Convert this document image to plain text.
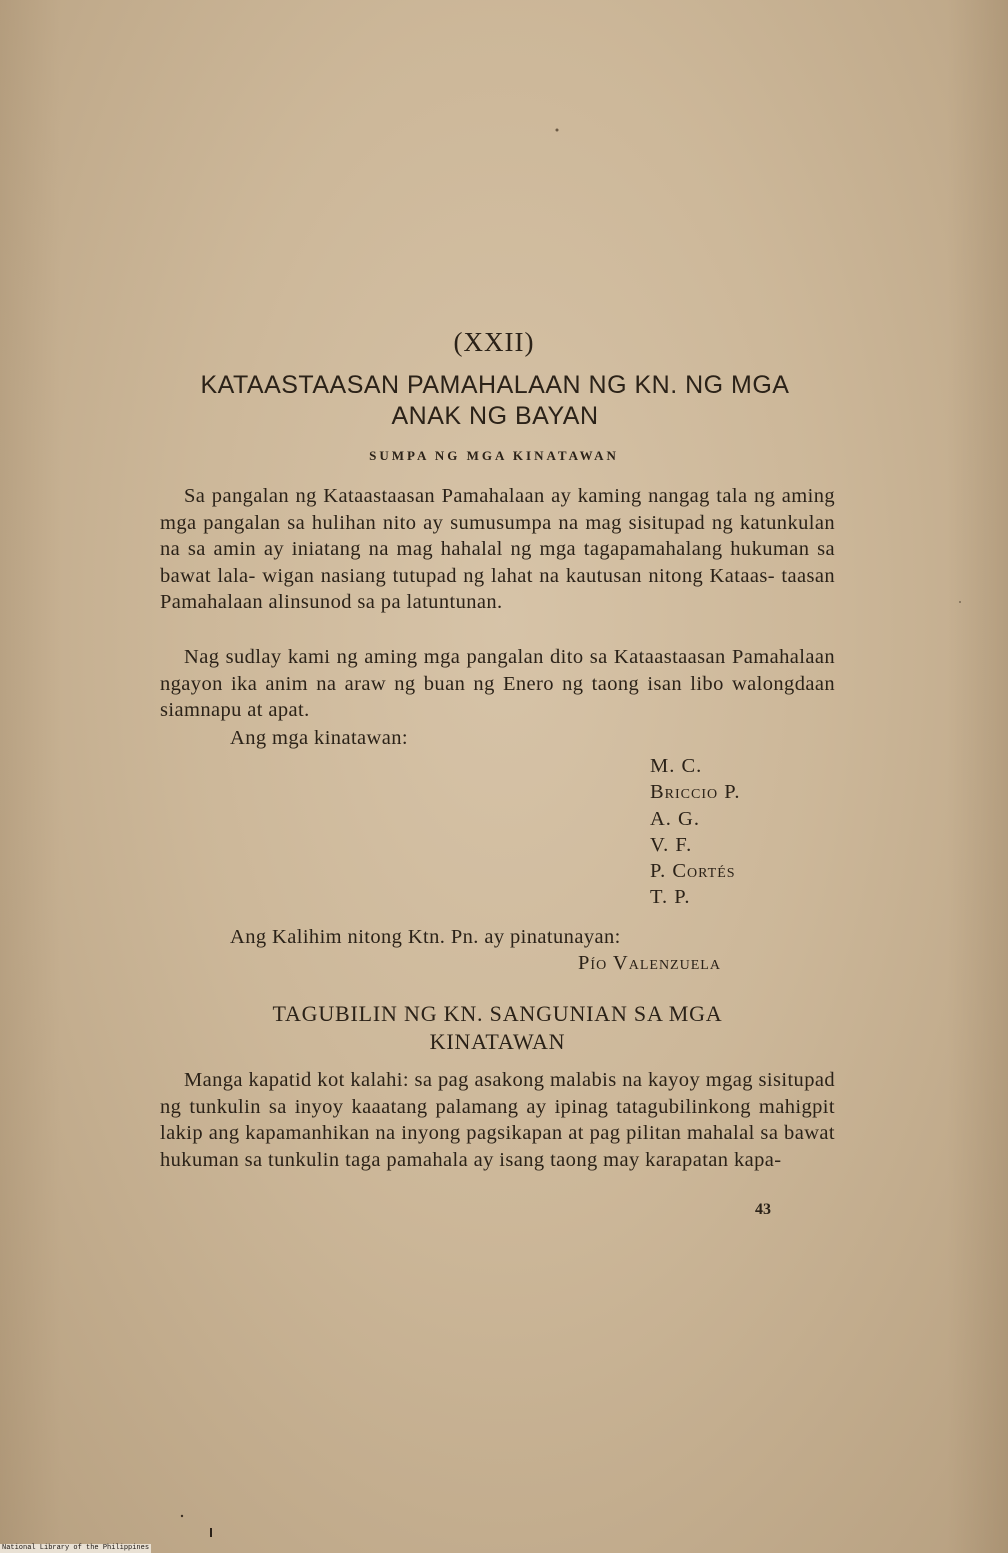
(XXII)
KATAASTAASAN PAMAHALAAN NG KN. NG MGA
ANAK NG BAYAN
SUMPA NG MGA KINATAWAN

Sa pangalan ng Kataastaasan Pamahalaan ay kaming nangag tala ng aming mga pangalan sa hulihan nito ay sumusumpa na mag sisitupad ng katunkulan na sa amin ay iniatang na mag hahalal ng mga tagapamahalang hukuman sa bawat lala- wigan nasiang tutupad ng lahat na kautusan nitong Kataas- taasan Pamahalaan alinsunod sa pa latuntunan.

Nag sudlay kami ng aming mga pangalan dito sa Kataastaasan Pamahalaan ngayon ika anim na araw ng buan ng Enero ng taong isan libo walongdaan siamnapu at apat.

Ang mga kinatawan:
M. C.
Briccio P.
A. G.
V. F.
P. Cortés
T. P.
Ang Kalihim nitong Ktn. Pn. ay pinatunayan:
Pío Valenzuela
TAGUBILIN NG KN. SANGUNIAN SA MGA
KINATAWAN

Manga kapatid kot kalahi: sa pag asakong malabis na kayoy mgag sisitupad ng tunkulin sa inyoy kaaatang palamang ay ipinag tatagubilinkong mahigpit lakip ang kapamanhikan na inyong pagsikapan at pag pilitan mahalal sa bawat hukuman sa tunkulin taga pamahala ay isang taong may karapatan kapa-

43
National Library of the Philippines
